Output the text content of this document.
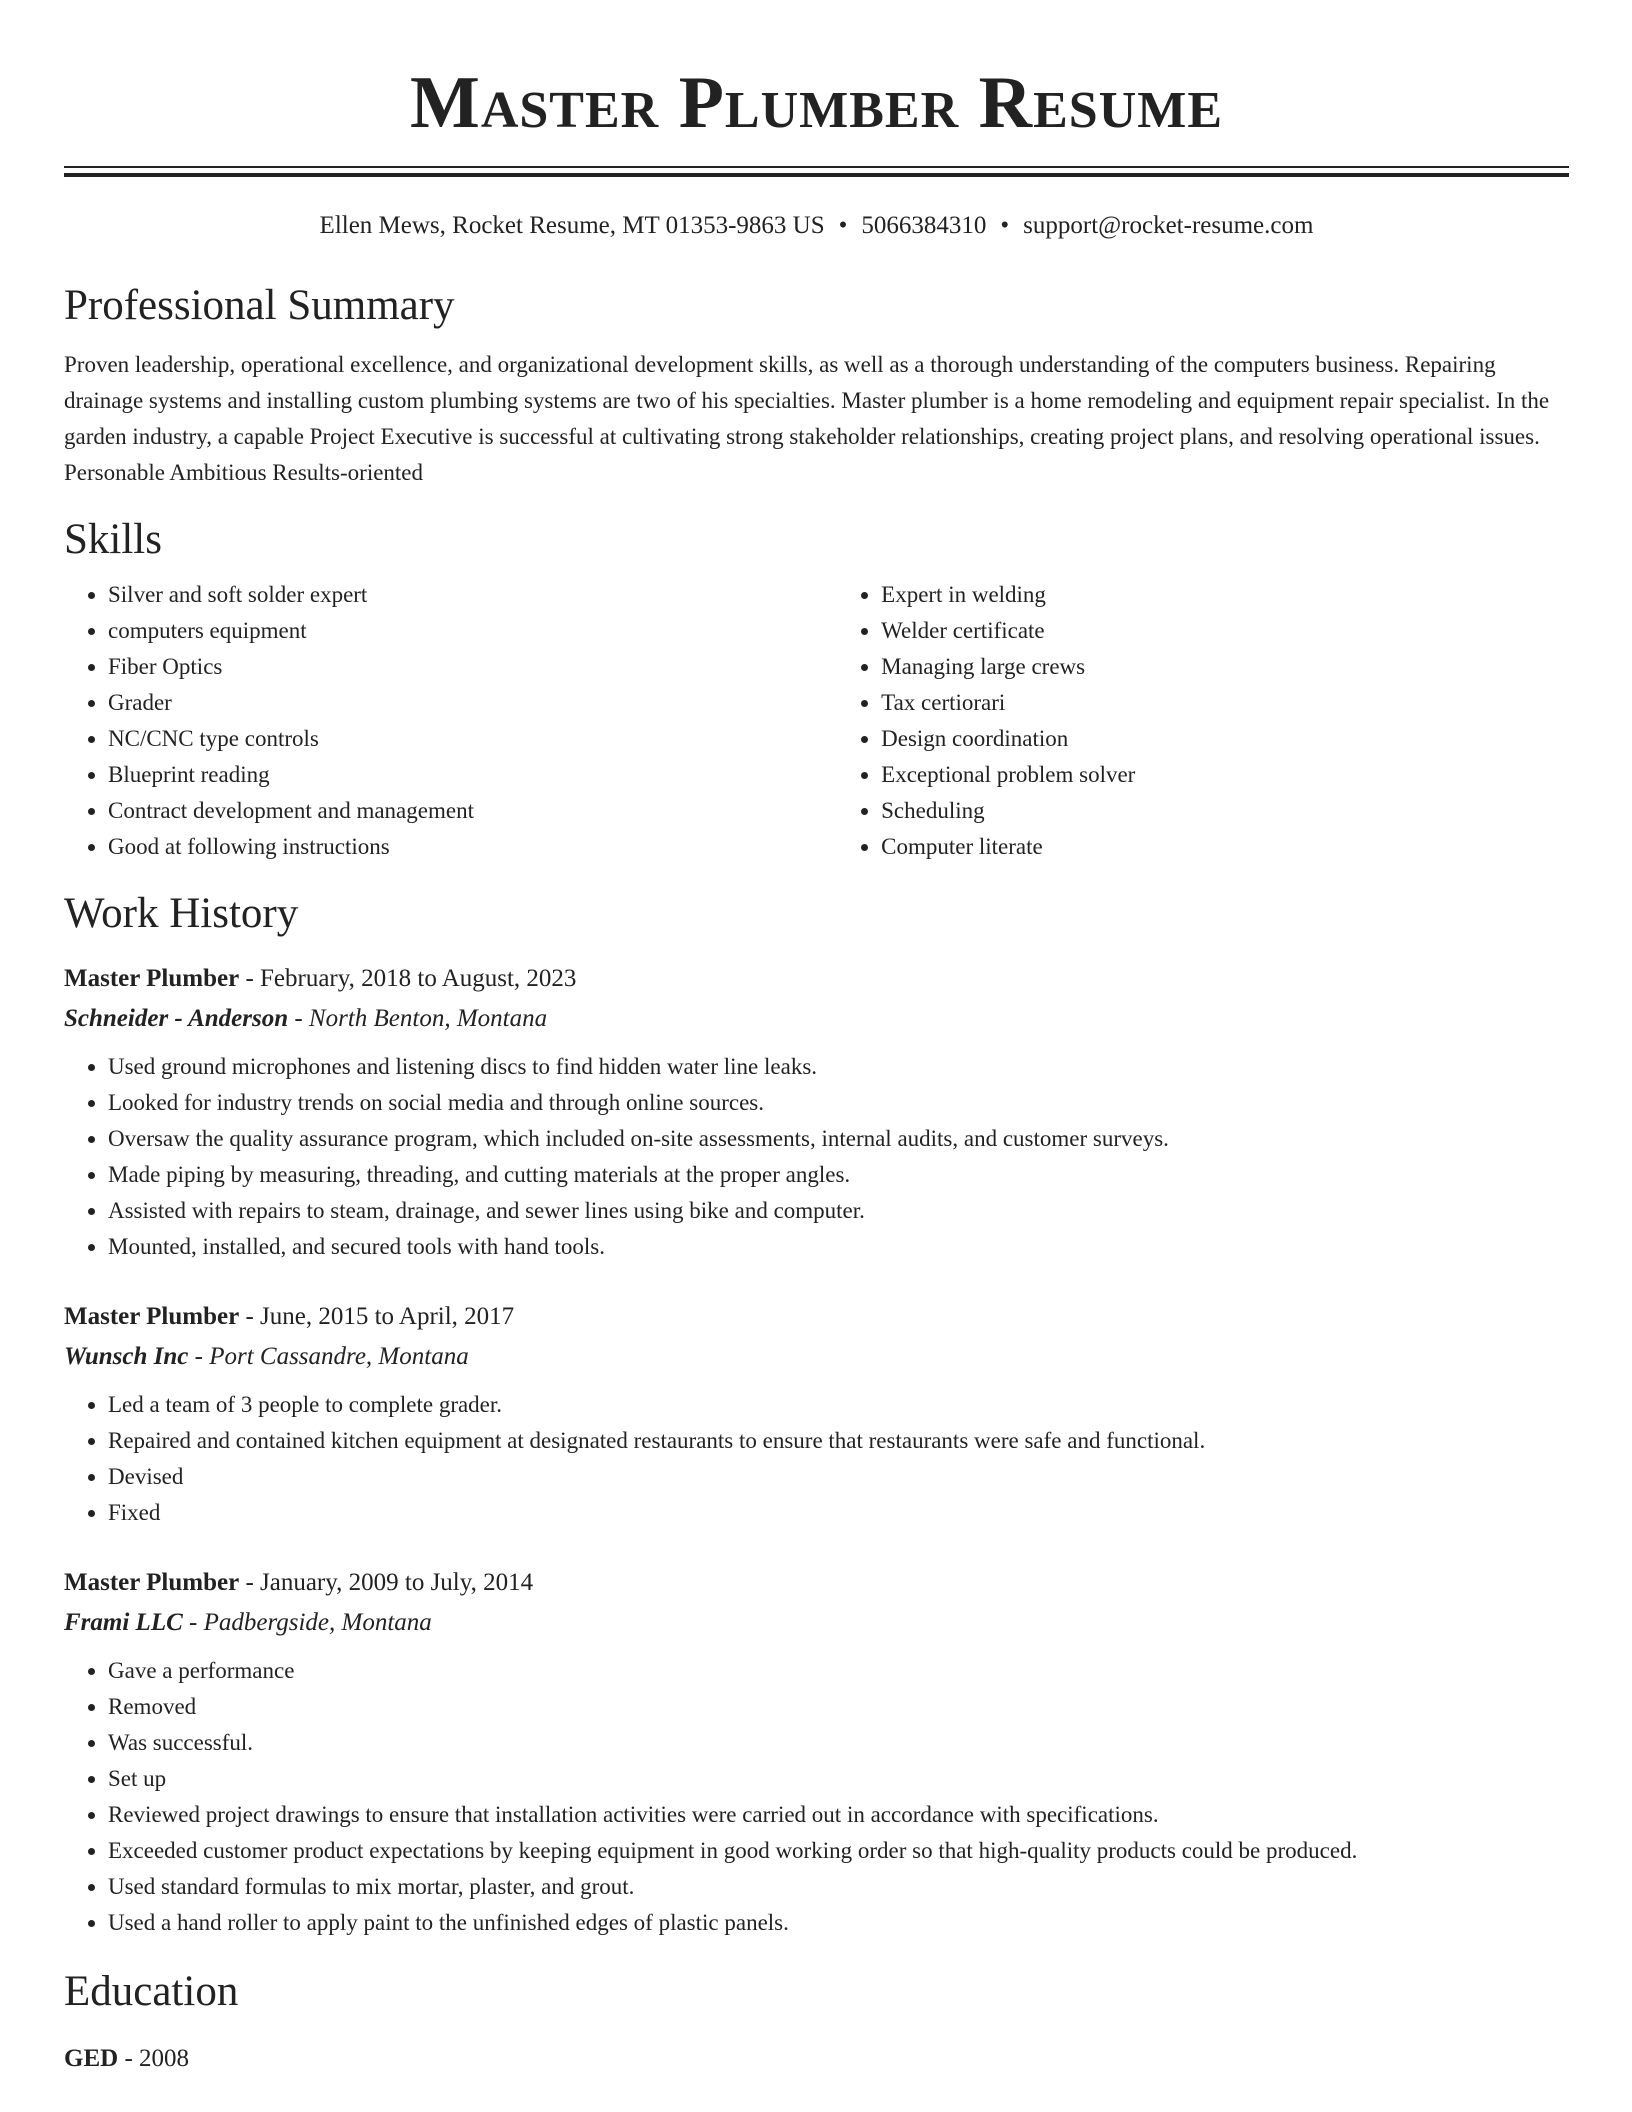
Master Plumber Resume
Ellen Mews, Rocket Resume, MT 01353-9863 US • 5066384310 • support@rocket-resume.com
Professional Summary
Proven leadership, operational excellence, and organizational development skills, as well as a thorough understanding of the computers business. Repairing drainage systems and installing custom plumbing systems are two of his specialties. Master plumber is a home remodeling and equipment repair specialist. In the garden industry, a capable Project Executive is successful at cultivating strong stakeholder relationships, creating project plans, and resolving operational issues. Personable Ambitious Results-oriented
Skills
• Silver and soft solder expert
• computers equipment
• Fiber Optics
• Grader
• NC/CNC type controls
• Blueprint reading
• Contract development and management
• Good at following instructions
• Expert in welding
• Welder certificate
• Managing large crews
• Tax certiorari
• Design coordination
• Exceptional problem solver
• Scheduling
• Computer literate
Work History
Master Plumber - February, 2018 to August, 2023
Schneider - Anderson - North Benton, Montana
• Used ground microphones and listening discs to find hidden water line leaks.
• Looked for industry trends on social media and through online sources.
• Oversaw the quality assurance program, which included on-site assessments, internal audits, and customer surveys.
• Made piping by measuring, threading, and cutting materials at the proper angles.
• Assisted with repairs to steam, drainage, and sewer lines using bike and computer.
• Mounted, installed, and secured tools with hand tools.
Master Plumber - June, 2015 to April, 2017
Wunsch Inc - Port Cassandre, Montana
• Led a team of 3 people to complete grader.
• Repaired and contained kitchen equipment at designated restaurants to ensure that restaurants were safe and functional.
• Devised
• Fixed
Master Plumber - January, 2009 to July, 2014
Frami LLC - Padbergside, Montana
• Gave a performance
• Removed
• Was successful.
• Set up
• Reviewed project drawings to ensure that installation activities were carried out in accordance with specifications.
• Exceeded customer product expectations by keeping equipment in good working order so that high-quality products could be produced.
• Used standard formulas to mix mortar, plaster, and grout.
• Used a hand roller to apply paint to the unfinished edges of plastic panels.
Education
GED - 2008
